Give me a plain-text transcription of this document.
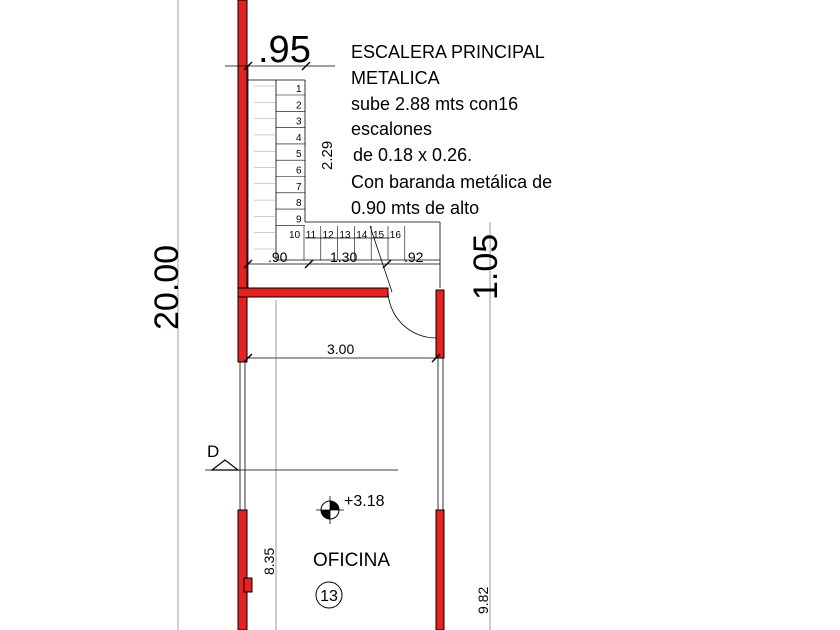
1
2
3
4
5
6
7
8
9
10 11 12 13 14 15 16
ESCALERA PRINCIPAL
METALICA
sube 2.88 mts con16
escalones
de 0.18 x 0.26.
Con baranda metálica de
0.90 mts de alto
.95
20.00	1.05
2.29
.90	1.30	.92
3.00
8.35
9.82
D
+3.18
OFICINA
13
